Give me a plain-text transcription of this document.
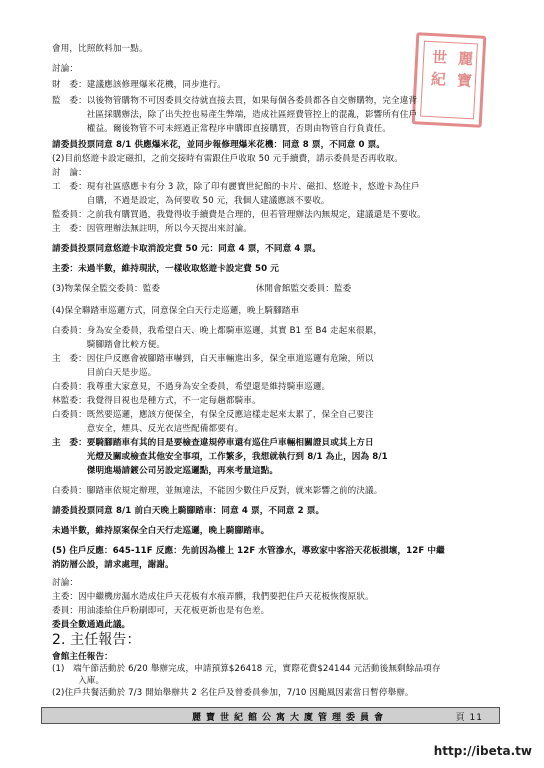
麗
寶
世
紀
會用，比照飲料加一點。
討論：
財　委：建議應該修理爆米花機，同步進行。
監　委：以後物管購物不可因委員交待就直接去買，如果每個各委員都各自交辦購物，完全違背
　　　　社區採購辦法，除了出失控也易產生弊端，造成社區經費管控上的混亂，影響所有住戶
　　　　權益。爾後物管不可未經過正常程序申購即直接購買，否則由物管自行負責任。
請委員投票同意 8/1 供應爆米花，並同步報修理爆米花機：同意 8 票，不同意 0 票。
(2)目前悠遊卡設定磁扣，之前交接時有需跟住戶收取 50 元手續費，請示委員是否再收取。
討　論：
工　委：現有社區感應卡有分 3 款，除了印有麗寶世紀館的卡片、磁扣、悠遊卡，悠遊卡為住戶
　　　　自購，不過是設定，為何要收 50 元，我個人建議應該不要收。
監委員：之前我有購買過，我覺得收手續費是合理的，但若管理辦法內無規定，建議還是不要收。
主　委：因管理辦法無註明，所以今天提出來討論。
請委員投票同意悠遊卡取消設定費 50 元：同意 4 票，不同意 4 票。
主委：未過半數，維持現狀，一樣收取悠遊卡設定費 50 元
(3)物業保全監交委員：監委　　　　　　　　　　　休閒會館監交委員：監委
(4)保全聯踏車巡邏方式，同意保全白天行走巡邏，晚上騎腳踏車
白委員：身為安全委員，我希望白天、晚上都騎車巡邏，其實 B1 至 B4 走起來很累，
　　　　騎腳踏會比較方便。
主　委：因住戶反應會被腳踏車嚇到，白天車輛進出多，保全車道巡邏有危險，所以
　　　　目前白天是步巡。
白委員：我尊重大家意見，不過身為安全委員，希望還是維持騎車巡邏。
林監委：我覺得目視也是種方式，不一定每趟都騎車。
白委員：既然要巡邏，應該方便保全，有保全反應這樣走起來太累了，保全自己要注
　　　　意安全，煙具、反光衣這些配備都要有。
主　委：要騎腳踏車有其的目是要檢查違規停車還有巡住戶車輛相關證貝或其上方日
　　　　光燈及關或檢查其他安全事項，工作繁多，我想就執行到 8/1 為止，因為 8/1
　　　　傑明進場請鍍公司另設定巡邏點，再來考量這點。
白委員：腳踏車依規定辦理，並無違法，不能因少數住戶反對，就來影響之前的決議。
請委員投票同意 8/1 前白天晚上騎腳踏車：同意 4 票，不同意 2 票。
未過半數，維持原案保全白天行走巡邏，晚上騎腳踏車。
(5) 住戶反應：645-11F 反應：先前因為樓上 12F 水管滲水，導致家中客浴天花板損壞，12F 中繼
消防層公設，請求處理，謝謝。
討論：
主委：因中繼機房漏水造成住戶天花板有水痕弄髒，我們要把住戶天花板恢復原狀。
委員：用油漆給住戶粉刷即可，天花板更新也是有色差。
委員全數通過此議。
2. 主任報告：
會館主任報告：
(1)　端午節活動於 6/20 舉辦完成，申請預算$26418 元，實際花費$24144 元活動後無剩餘品項存
　　　入庫。
(2)住戶共餐活動於 7/3 開始舉辦共 2 名住戶及曾委員參加，7/10 因颱風因素當日暫停舉辦。
麗寶世紀館公寓大廈管理委員會	頁 11
http://ibeta.tw
